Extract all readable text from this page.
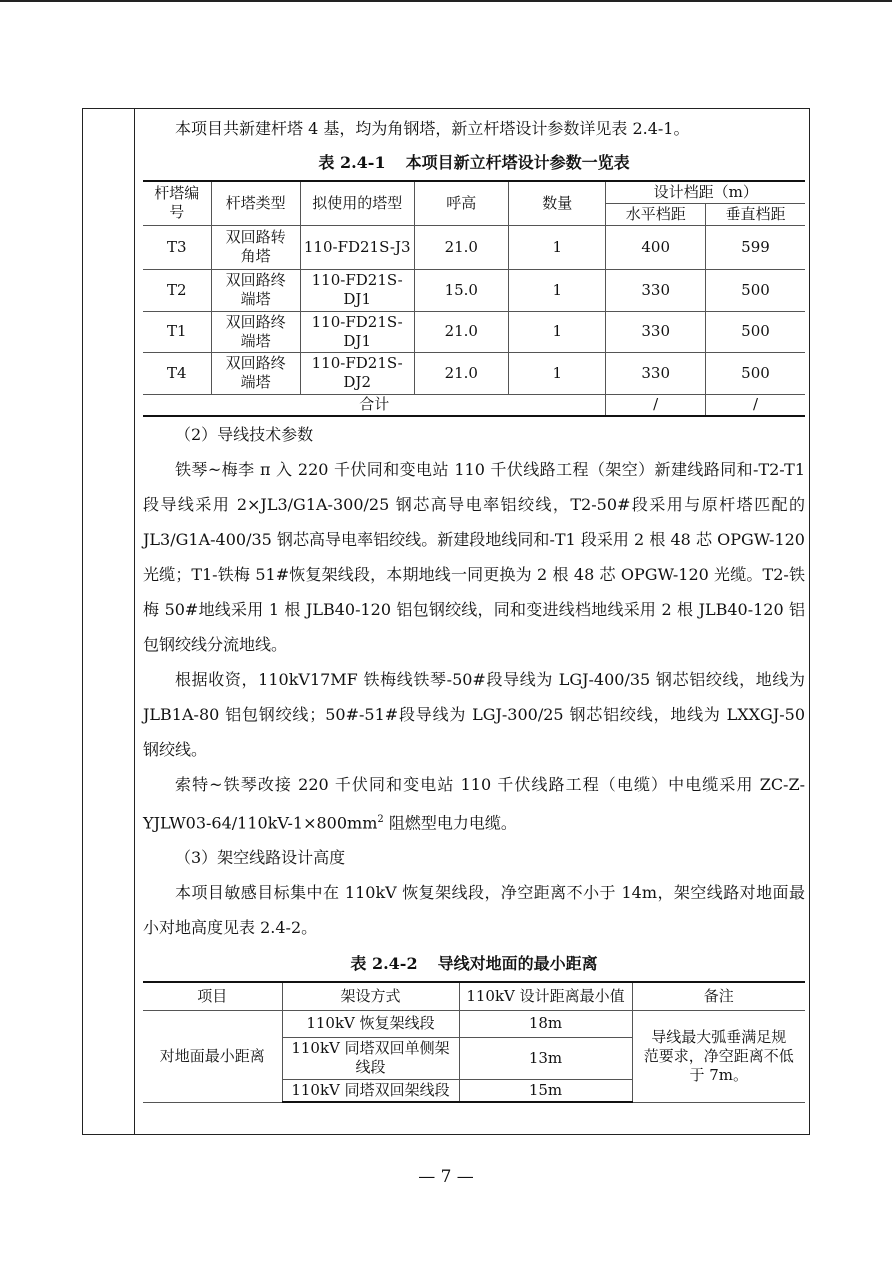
本项目共新建杆塔 4 基，均为角钢塔，新立杆塔设计参数详见表 2.4-1。

表 2.4-1 本项目新立杆塔设计参数一览表

杆塔编
号	杆塔类型	拟使用的塔型	呼高	数量	设计档距（m）	
					水平档距	垂直档距
T3	双回路转
角塔	110-FD21S-J3	21.0	1	400	599
T2	双回路终
端塔	110-FD21S-DJ1	15.0	1	330	500
T1	双回路终
端塔	110-FD21S-DJ1	21.0	1	330	500
T4	双回路终
端塔	110-FD21S-DJ2	21.0	1	330	500
合计					/	/

（2）导线技术参数

铁琴~梅李 π 入 220 千伏同和变电站 110 千伏线路工程（架空）新建线路同和-T2-T1 段导线采用 2×JL3/G1A-300/25 钢芯高导电率铝绞线，T2-50#段采用与原杆塔匹配的 JL3/G1A-400/35 钢芯高导电率铝绞线。新建段地线同和-T1 段采用 2 根 48 芯 OPGW-120 光缆；T1-铁梅 51#恢复架线段，本期地线一同更换为 2 根 48 芯 OPGW-120 光缆。T2-铁梅 50#地线采用 1 根 JLB40-120 铝包钢绞线，同和变进线档地线采用 2 根 JLB40-120 铝包钢绞线分流地线。

根据收资，110kV17MF 铁梅线铁琴-50#段导线为 LGJ-400/35 钢芯铝绞线，地线为 JLB1A-80 铝包钢绞线；50#-51#段导线为 LGJ-300/25 钢芯铝绞线，地线为 LXXGJ-50 钢绞线。

索特~铁琴改接 220 千伏同和变电站 110 千伏线路工程（电缆）中电缆采用 $ZC-Z-YJLW03-64/110kV-1\times 800mm^2$ 阻燃型电力电缆。

（3）架空线路设计高度

本项目敏感目标集中在 110kV 恢复架线段，净空距离不小于 14m，架空线路对地面最小对地高度见表 2.4-2。

表 2.4-2 导线对地面的最小距离

项目	架设方式	110kV 设计距离最小值	备注
对地面最小距离	110kV 恢复架线段	18m	导线最大弧垂满足规
范要求，净空距离不低
于 7m。

	110kV 同塔双回单侧架
线段	13m	
	110kV 同塔双回架线段	15m	
— 7 —
